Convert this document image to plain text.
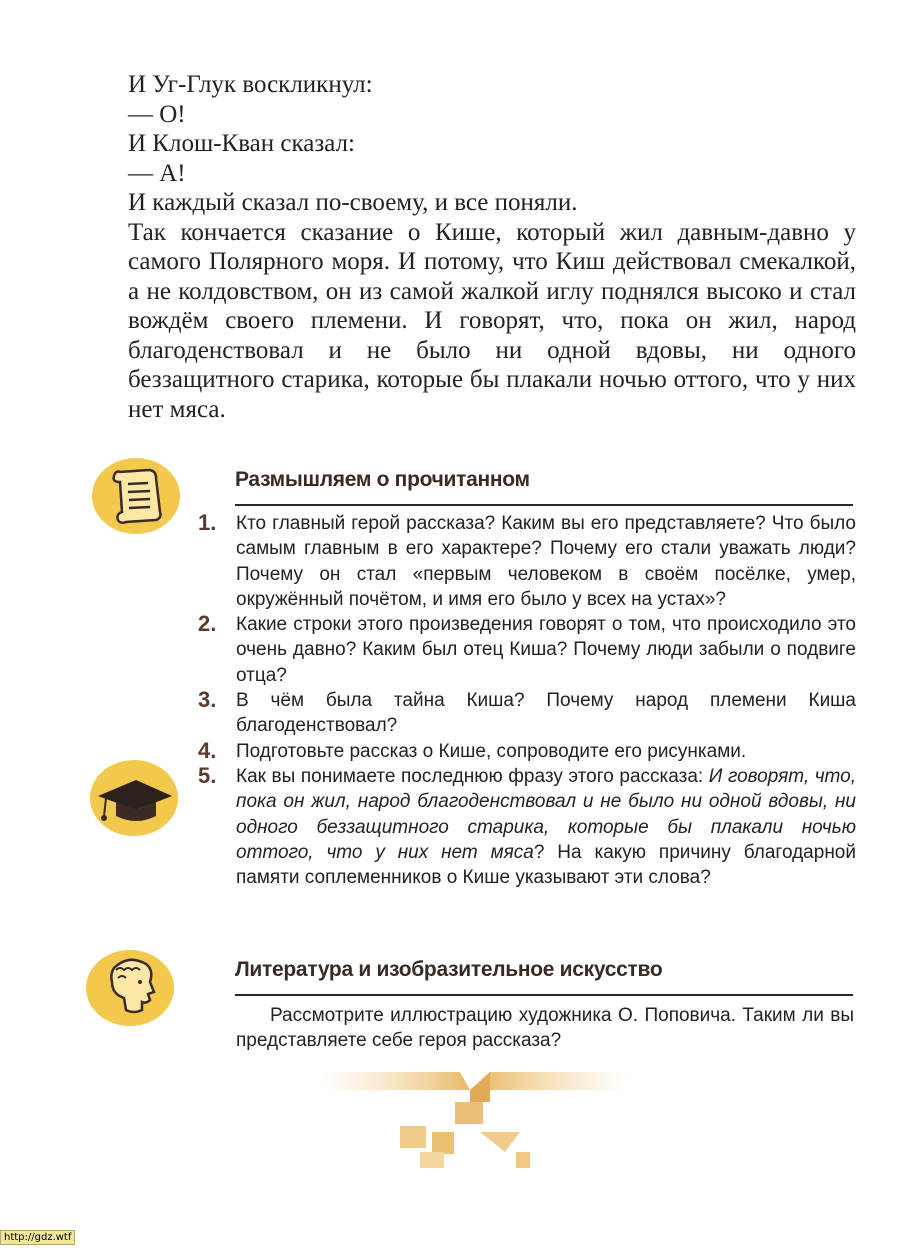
И Уг-Глук воскликнул:
— О!
И Клош-Кван сказал:
— А!
И каждый сказал по-своему, и все поняли.
Так кончается сказание о Кише, который жил давным-давно у самого Полярного моря. И потому, что Киш действовал смекалкой, а не колдовством, он из самой жалкой иглу поднялся высоко и стал вождём своего племени. И говорят, что, пока он жил, народ благоденствовал и не было ни одной вдовы, ни одного беззащитного старика, которые бы плакали ночью оттого, что у них нет мяса.
Размышляем о прочитанном
1. Кто главный герой рассказа? Каким вы его представляете? Что было самым главным в его характере? Почему его стали уважать люди? Почему он стал «первым человеком в своём посёлке, умер, окружённый почётом, и имя его было у всех на устах»?
2. Какие строки этого произведения говорят о том, что происходило это очень давно? Каким был отец Киша? Почему люди забыли о подвиге отца?
3. В чём была тайна Киша? Почему народ племени Киша благоденствовал?
4. Подготовьте рассказ о Кише, сопроводите его рисунками.
5. Как вы понимаете последнюю фразу этого рассказа: И говорят, что, пока он жил, народ благоденствовал и не было ни одной вдовы, ни одного беззащитного старика, которые бы плакали ночью оттого, что у них нет мяса? На какую причину благодарной памяти соплеменников о Кише указывают эти слова?
Литература и изобразительное искусство
Рассмотрите иллюстрацию художника О. Поповича. Таким ли вы представляете себе героя рассказа?
http://gdz.wtf
